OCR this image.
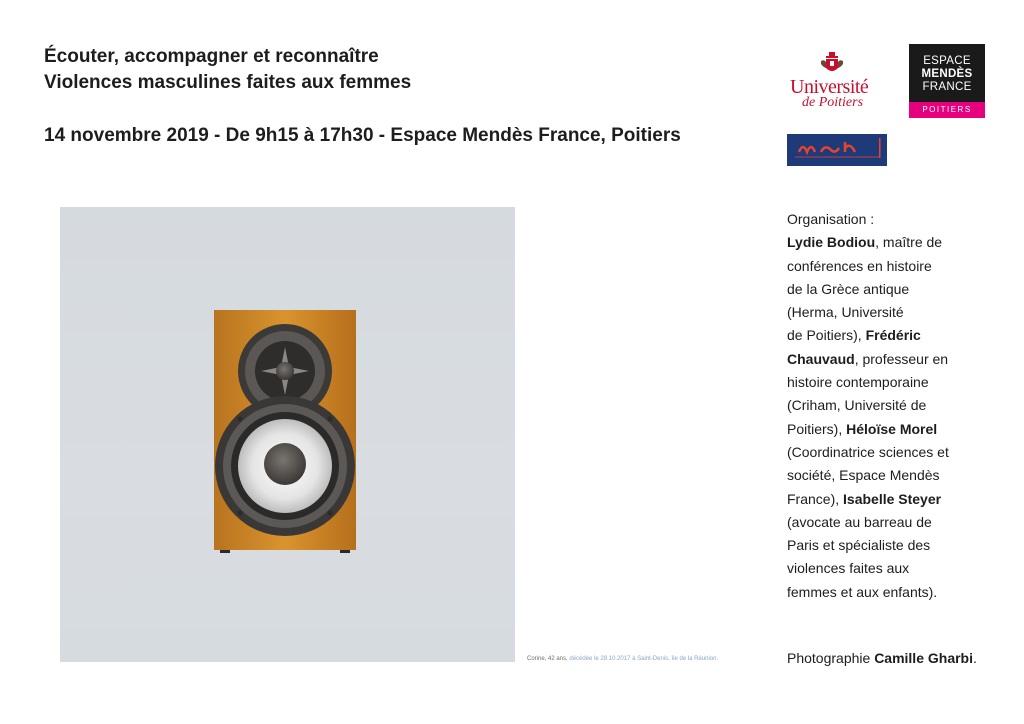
Écouter, accompagner et reconnaître
Violences masculines faites aux femmes
14 novembre 2019 - De 9h15 à 17h30 - Espace Mendès France, Poitiers
Université
de Poitiers
ESPACE
MENDÈS
FRANCE
POITIERS
Corine, 42 ans, décédée le 28.10.2017 à Saint-Denis, île de la Réunion.
Organisation :
Lydie Bodiou, maître de
conférences en histoire
de la Grèce antique
(Herma, Université
de Poitiers), Frédéric
Chauvaud, professeur en
histoire contemporaine
(Criham, Université de
Poitiers), Héloïse Morel
(Coordinatrice sciences et
société, Espace Mendès
France), Isabelle Steyer
(avocate au barreau de
Paris et spécialiste des
violences faites aux
femmes et aux enfants).
Photographie Camille Gharbi.
